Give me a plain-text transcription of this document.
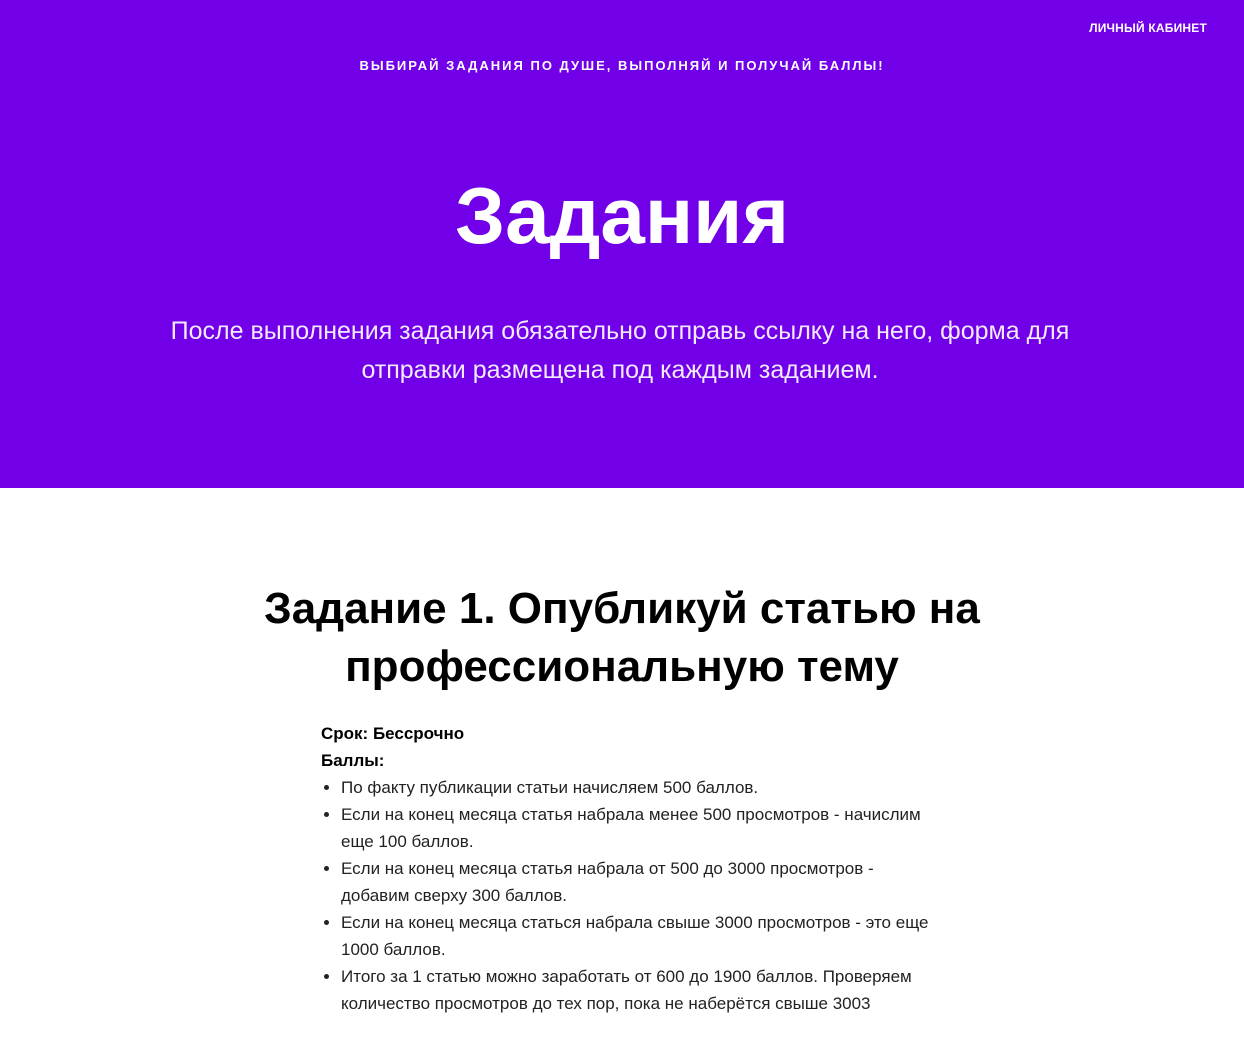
ЛИЧНЫЙ КАБИНЕТ
ВЫБИРАЙ ЗАДАНИЯ ПО ДУШЕ, ВЫПОЛНЯЙ И ПОЛУЧАЙ БАЛЛЫ!
Задания

После выполнения задания обязательно отправь ссылку на него, форма для отправки размещена под каждым заданием.

Задание 1. Опубликуй статью на профессиональную тему
Срок: Бессрочно
Баллы:
• По факту публикации статьи начисляем 500 баллов.
• Если на конец месяца статья набрала менее 500 просмотров - начислим еще 100 баллов.
• Если на конец месяца статья набрала от 500 до 3000 просмотров - добавим сверху 300 баллов.
• Если на конец месяца статься набрала свыше 3000 просмотров - это еще 1000 баллов.
• Итого за 1 статью можно заработать от 600 до 1900 баллов. Проверяем количество просмотров до тех пор, пока не наберётся свыше 3003
